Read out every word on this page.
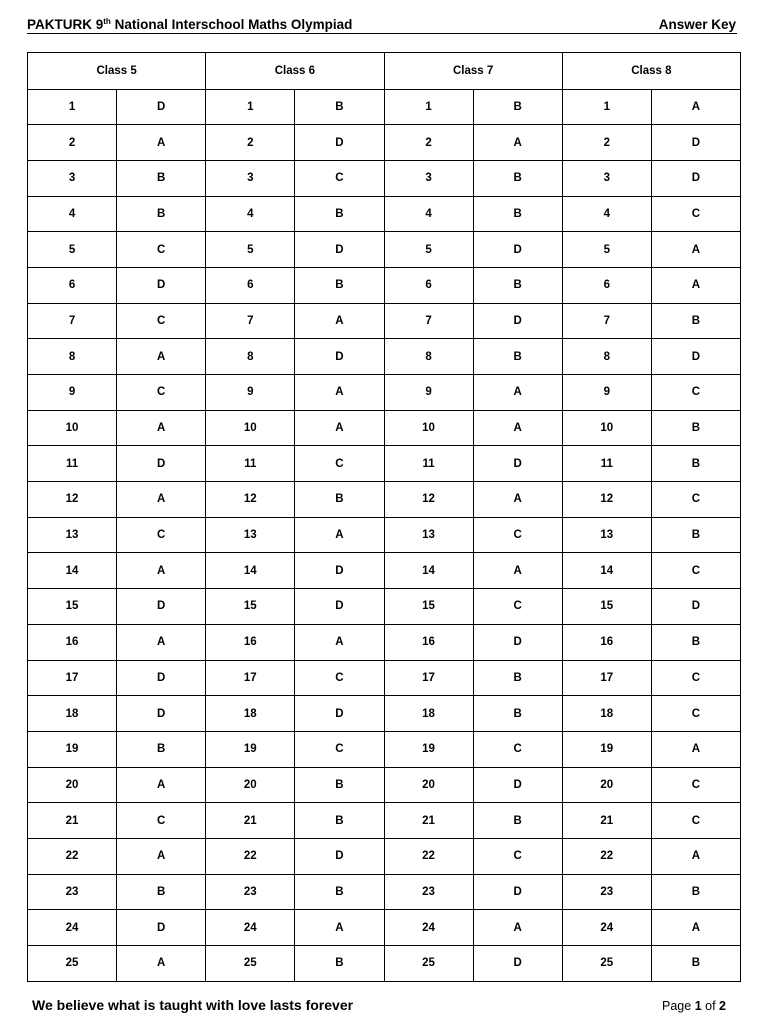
PAKTURK 9th National Interschool Maths Olympiad	Answer Key
Class 5		Class 6		Class 7		Class 8	
1	D	1	B	1	B	1	A
2	A	2	D	2	A	2	D
3	B	3	C	3	B	3	D
4	B	4	B	4	B	4	C
5	C	5	D	5	D	5	A
6	D	6	B	6	B	6	A
7	C	7	A	7	D	7	B
8	A	8	D	8	B	8	D
9	C	9	A	9	A	9	C
10	A	10	A	10	A	10	B
11	D	11	C	11	D	11	B
12	A	12	B	12	A	12	C
13	C	13	A	13	C	13	B
14	A	14	D	14	A	14	C
15	D	15	D	15	C	15	D
16	A	16	A	16	D	16	B
17	D	17	C	17	B	17	C
18	D	18	D	18	B	18	C
19	B	19	C	19	C	19	A
20	A	20	B	20	D	20	C
21	C	21	B	21	B	21	C
22	A	22	D	22	C	22	A
23	B	23	B	23	D	23	B
24	D	24	A	24	A	24	A
25	A	25	B	25	D	25	B
We believe what is taught with love lasts forever	Page 1 of 2
